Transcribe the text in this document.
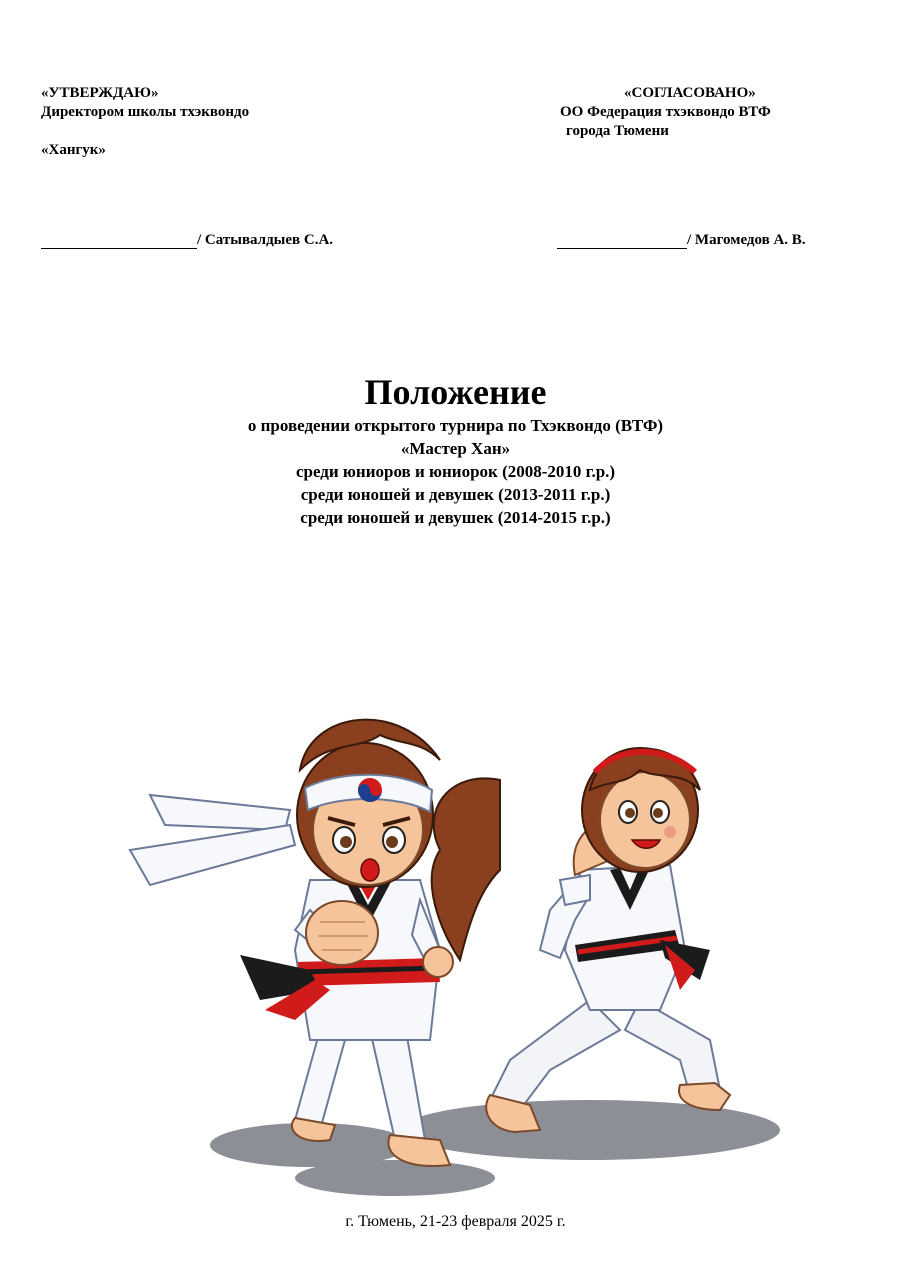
«УТВЕРЖДАЮ»
Директором школы тхэквондо
«Хангук»
«СОГЛАСОВАНО»
ОО Федерация тхэквондо ВТФ
города Тюмени
/ Сатывалдыев С.А.	/ Магомедов А. В.
Положение
о проведении открытого турнира по Тхэквондо (ВТФ)
«Мастер Хан»
среди юниоров и юниорок (2008-2010 г.р.)
среди юношей и девушек (2013-2011 г.р.)
среди юношей и девушек (2014-2015 г.р.)
г. Тюмень, 21-23 февраля 2025 г.
